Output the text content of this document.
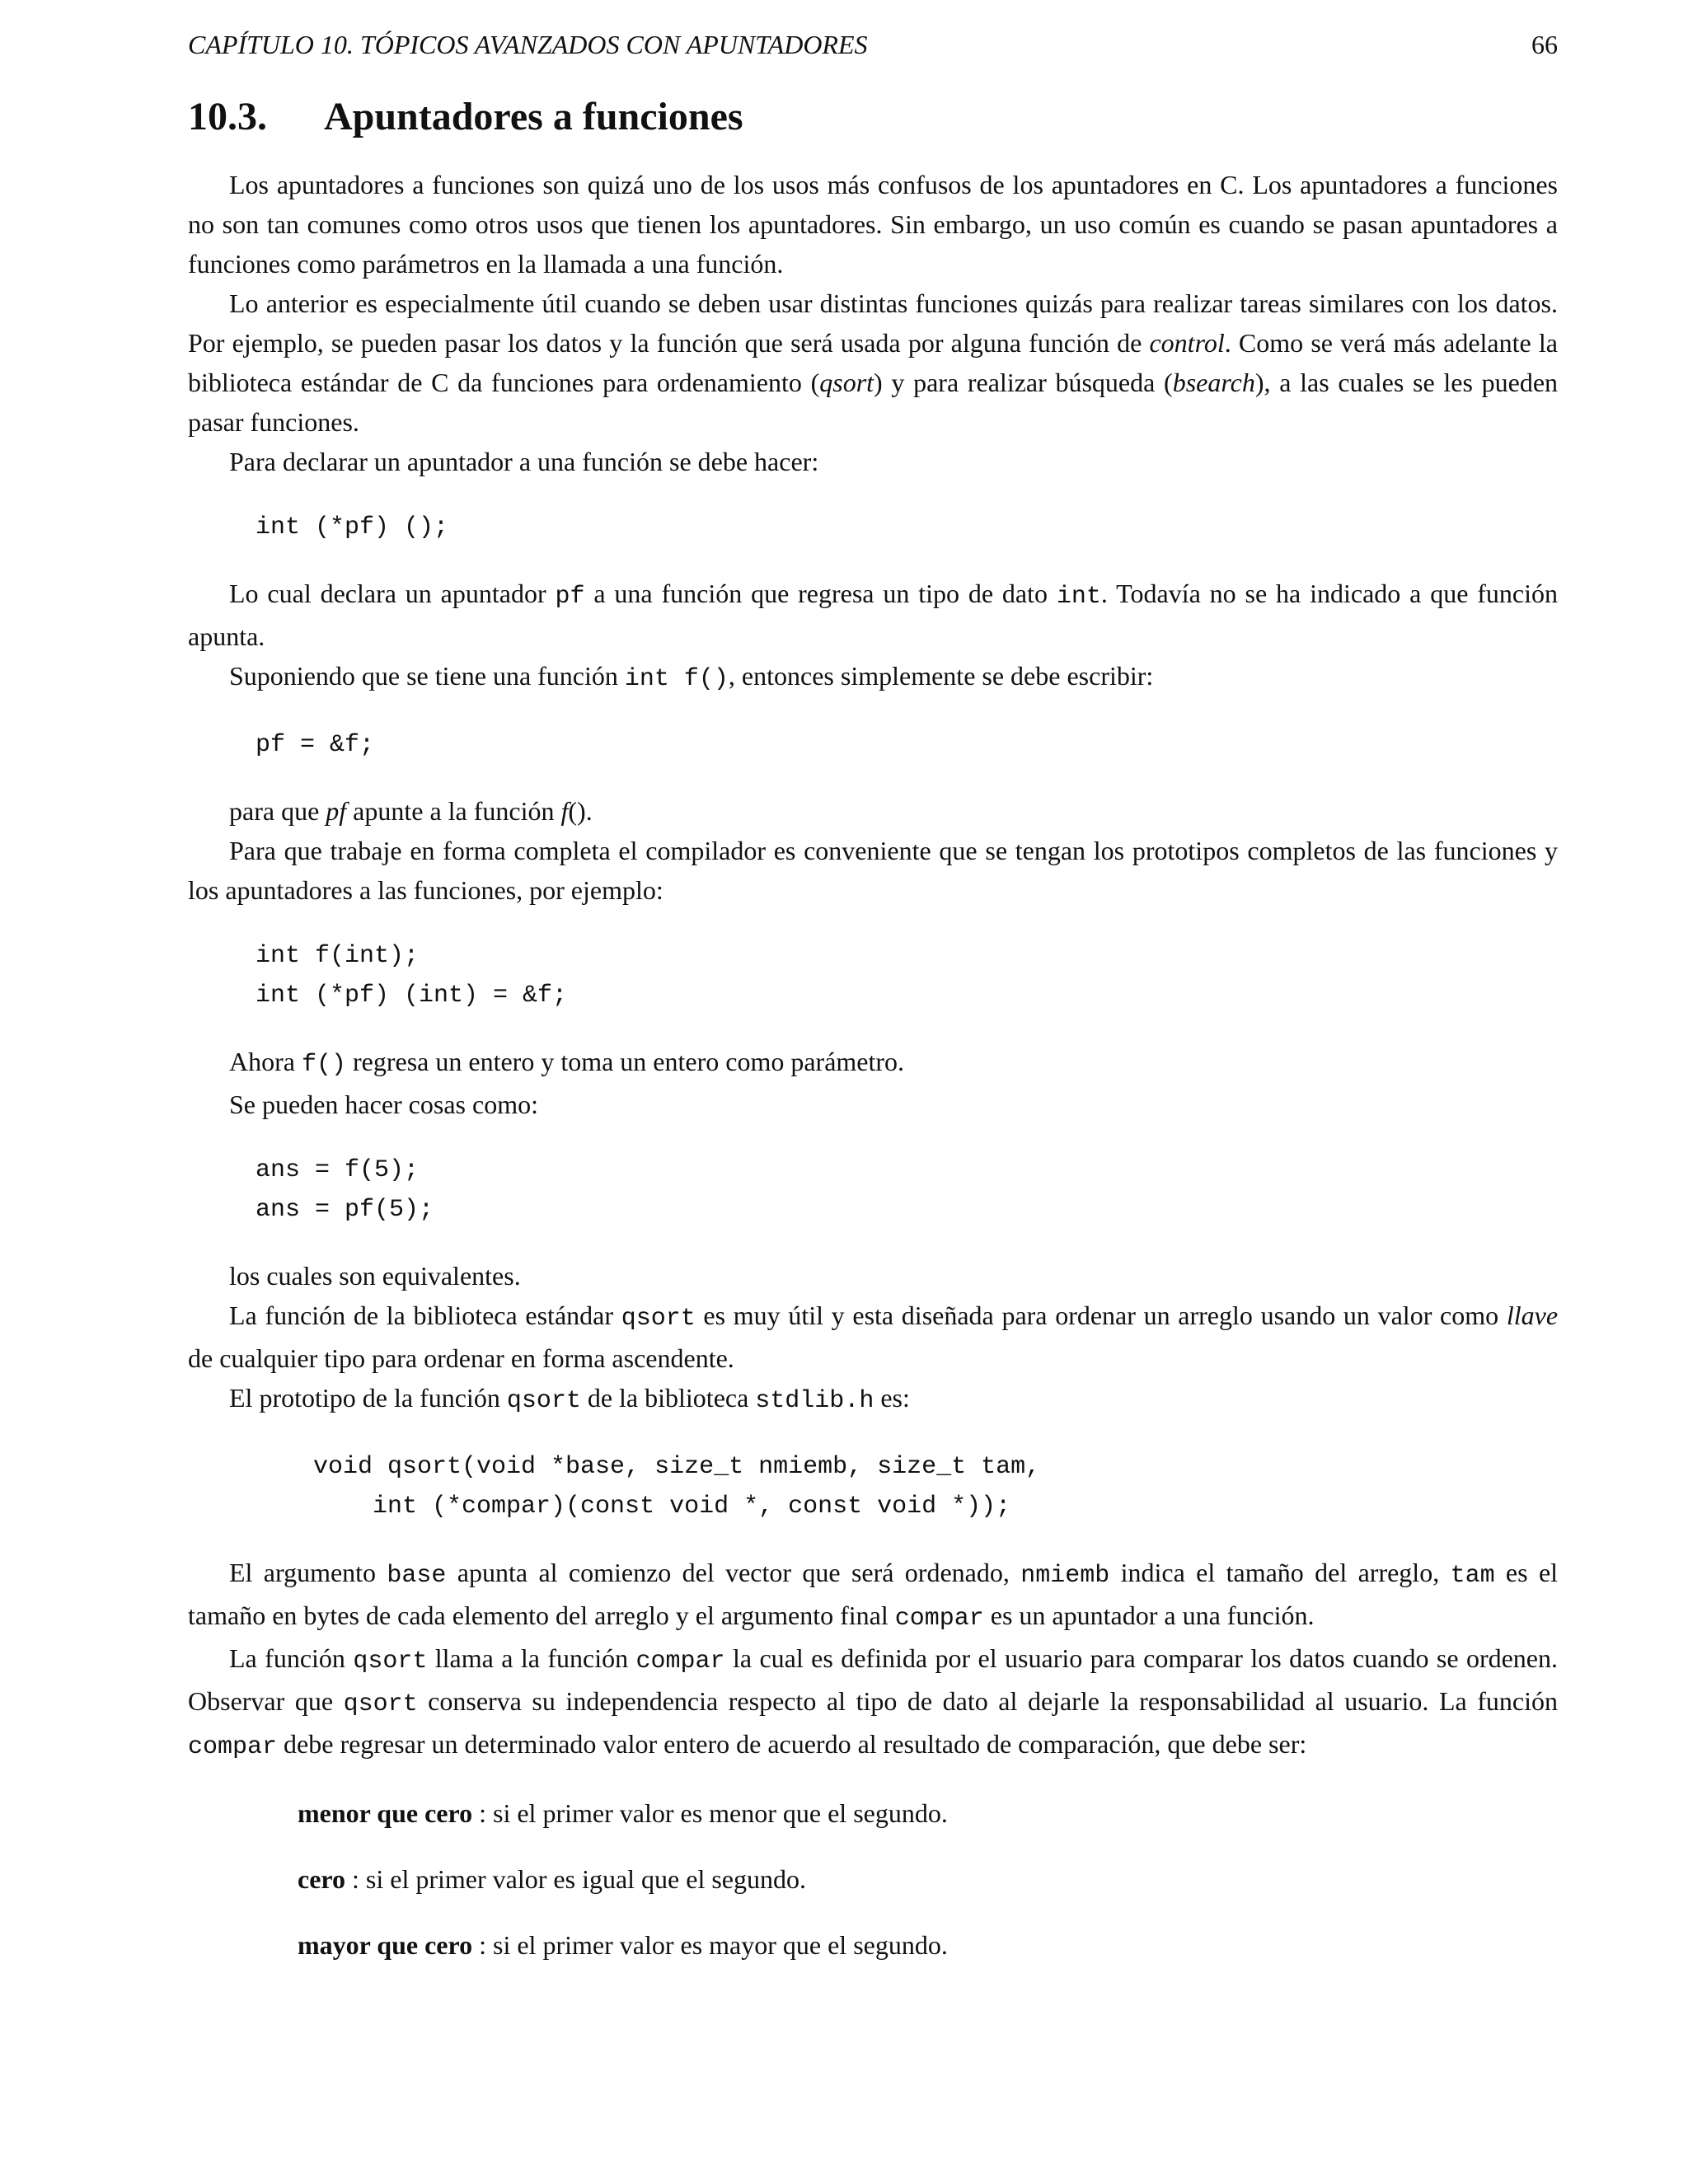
CAPÍTULO 10. TÓPICOS AVANZADOS CON APUNTADORES	66
10.3. Apuntadores a funciones

Los apuntadores a funciones son quizá uno de los usos más confusos de los apuntadores en C. Los apuntadores a funciones no son tan comunes como otros usos que tienen los apuntadores. Sin embargo, un uso común es cuando se pasan apuntadores a funciones como parámetros en la llamada a una función.

Lo anterior es especialmente útil cuando se deben usar distintas funciones quizás para realizar tareas similares con los datos. Por ejemplo, se pueden pasar los datos y la función que será usada por alguna función de control. Como se verá más adelante la biblioteca estándar de C da funciones para ordenamiento (qsort) y para realizar búsqueda (bsearch), a las cuales se les pueden pasar funciones.

Para declarar un apuntador a una función se debe hacer:

int (*pf) ();

Lo cual declara un apuntador pf a una función que regresa un tipo de dato int. Todavía no se ha indicado a que función apunta.

Suponiendo que se tiene una función int f(), entonces simplemente se debe escribir:

pf = &f;

para que pf apunte a la función f().

Para que trabaje en forma completa el compilador es conveniente que se tengan los prototipos completos de las funciones y los apuntadores a las funciones, por ejemplo:

int f(int);
int (*pf) (int) = &f;

Ahora f() regresa un entero y toma un entero como parámetro.

Se pueden hacer cosas como:

ans = f(5);
ans = pf(5);

los cuales son equivalentes.

La función de la biblioteca estándar qsort es muy útil y esta diseñada para ordenar un arreglo usando un valor como llave de cualquier tipo para ordenar en forma ascendente.

El prototipo de la función qsort de la biblioteca stdlib.h es:

void qsort(void *base, size_t nmiemb, size_t tam,
int (*compar)(const void *, const void *));

El argumento base apunta al comienzo del vector que será ordenado, nmiemb indica el tamaño del arreglo, tam es el tamaño en bytes de cada elemento del arreglo y el argumento final compar es un apuntador a una función.

La función qsort llama a la función compar la cual es definida por el usuario para comparar los datos cuando se ordenen. Observar que qsort conserva su independencia respecto al tipo de dato al dejarle la responsabilidad al usuario. La función compar debe regresar un determinado valor entero de acuerdo al resultado de comparación, que debe ser:

menor que cero : si el primer valor es menor que el segundo.
cero : si el primer valor es igual que el segundo.
mayor que cero : si el primer valor es mayor que el segundo.
